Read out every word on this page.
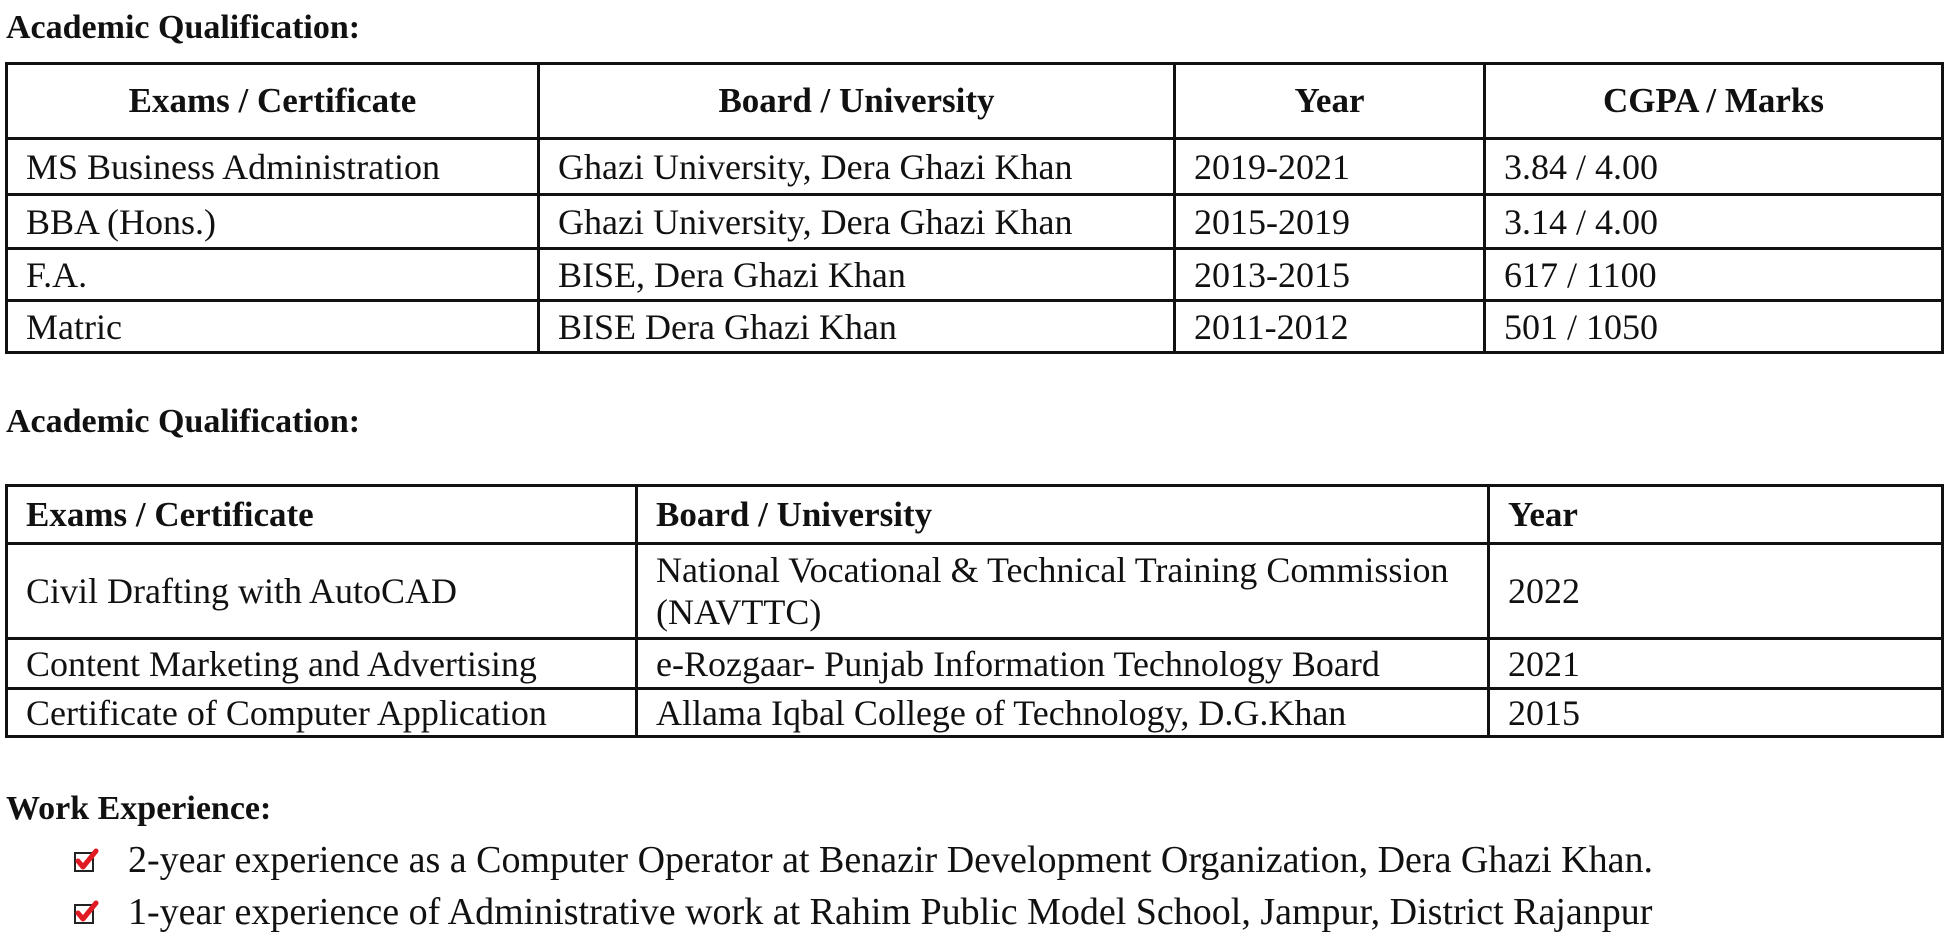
Academic Qualification:
Exams / Certificate	Board / University	Year	CGPA / Marks
MS Business Administration	Ghazi University, Dera Ghazi Khan	2019-2021	3.84 / 4.00
BBA (Hons.)	Ghazi University, Dera Ghazi Khan	2015-2019	3.14 / 4.00
F.A.	BISE, Dera Ghazi Khan	2013-2015	617 / 1100
Matric	BISE Dera Ghazi Khan	2011-2012	501 / 1050
Academic Qualification:
Exams / Certificate	Board / University	Year
Civil Drafting with AutoCAD	National Vocational & Technical Training Commission (NAVTTC)	2022
Content Marketing and Advertising	e-Rozgaar- Punjab Information Technology Board	2021
Certificate of Computer Application	Allama Iqbal College of Technology, D.G.Khan	2015
Work Experience:
2-year experience as a Computer Operator at Benazir Development Organization, Dera Ghazi Khan.
1-year experience of Administrative work at Rahim Public Model School, Jampur, District Rajanpur
